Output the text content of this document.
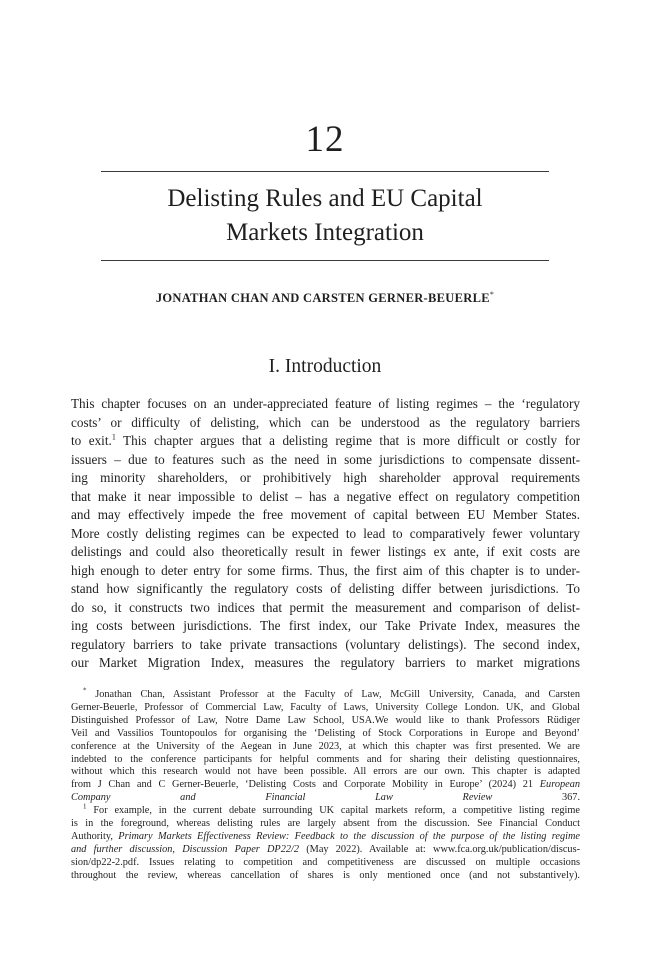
12
Delisting Rules and EU Capital
Markets Integration
JONATHAN CHAN AND CARSTEN GERNER-BEUERLE*
I. Introduction
This chapter focuses on an under-appreciated feature of listing regimes – the ‘regulatory
costs’ or difficulty of delisting, which can be understood as the regulatory barriers
to exit.$^1$ This chapter argues that a delisting regime that is more difficult or costly for
issuers – due to features such as the need in some jurisdictions to compensate dissent-
ing minority shareholders, or prohibitively high shareholder approval requirements
that make it near impossible to delist – has a negative effect on regulatory competition
and may effectively impede the free movement of capital between EU Member States.
More costly delisting regimes can be expected to lead to comparatively fewer voluntary
delistings and could also theoretically result in fewer listings ex ante, if exit costs are
high enough to deter entry for some firms. Thus, the first aim of this chapter is to under-
stand how significantly the regulatory costs of delisting differ between jurisdictions. To
do so, it constructs two indices that permit the measurement and comparison of delist-
ing costs between jurisdictions. The first index, our Take Private Index, measures the
regulatory barriers to take private transactions (voluntary delistings). The second index,
our Market Migration Index, measures the regulatory barriers to market migrations
* Jonathan Chan, Assistant Professor at the Faculty of Law, McGill University, Canada, and Carsten
Gerner-Beuerle, Professor of Commercial Law, Faculty of Laws, University College London. UK, and Global
Distinguished Professor of Law, Notre Dame Law School, USA.We would like to thank Professors Rüdiger
Veil and Vassilios Tountopoulos for organising the ‘Delisting of Stock Corporations in Europe and Beyond’
conference at the University of the Aegean in June 2023, at which this chapter was first presented. We are
indebted to the conference participants for helpful comments and for sharing their delisting questionnaires,
without which this research would not have been possible. All errors are our own. This chapter is adapted
from J Chan and C Gerner-Beuerle, ‘Delisting Costs and Corporate Mobility in Europe’ (2024) 21 European
Company and Financial Law Review 367.
$^1$ For example, in the current debate surrounding UK capital markets reform, a competitive listing regime
is in the foreground, whereas delisting rules are largely absent from the discussion. See Financial Conduct
Authority, Primary Markets Effectiveness Review: Feedback to the discussion of the purpose of the listing regime
and further discussion, Discussion Paper DP22/2 (May 2022). Available at: www.fca.org.uk/publication/discus-
sion/dp22-2.pdf. Issues relating to competition and competitiveness are discussed on multiple occasions
throughout the review, whereas cancellation of shares is only mentioned once (and not substantively).
